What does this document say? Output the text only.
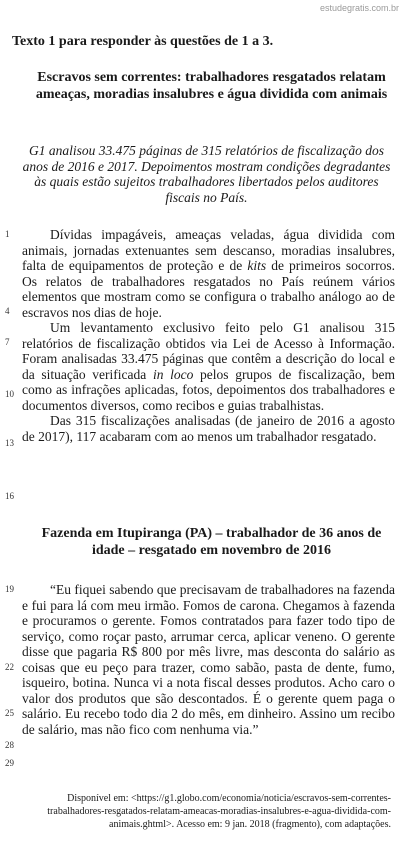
estudegratis.com.br
Texto 1 para responder às questões de 1 a 3.
Escravos sem correntes: trabalhadores resgatados relatam ameaças, moradias insalubres e água dividida com animais
G1 analisou 33.475 páginas de 315 relatórios de fiscalização dos anos de 2016 e 2017. Depoimentos mostram condições degradantes às quais estão sujeitos trabalhadores libertados pelos auditores fiscais no País.
1
4
7
10
13
16
19
22
25
28
29

Dívidas impagáveis, ameaças veladas, água dividida com animais, jornadas extenuantes sem descanso, moradias insalubres, falta de equipamentos de proteção e de kits de primeiros socorros. Os relatos de trabalhadores resgatados no País reúnem vários elementos que mostram como se configura o trabalho análogo ao de escravos nos dias de hoje.

Um levantamento exclusivo feito pelo G1 analisou 315 relatórios de fiscalização obtidos via Lei de Acesso à Informação. Foram analisadas 33.475 páginas que contêm a descrição do local e da situação verificada in loco pelos grupos de fiscalização, bem como as infrações aplicadas, fotos, depoimentos dos trabalhadores e documentos diversos, como recibos e guias trabalhistas.

Das 315 fiscalizações analisadas (de janeiro de 2016 a agosto de 2017), 117 acabaram com ao menos um trabalhador resgatado.

Fazenda em Itupiranga (PA) – trabalhador de 36 anos de idade – resgatado em novembro de 2016

“Eu fiquei sabendo que precisavam de trabalhadores na fazenda e fui para lá com meu irmão. Fomos de carona. Chegamos à fazenda e procuramos o gerente. Fomos contratados para fazer todo tipo de serviço, como roçar pasto, arrumar cerca, aplicar veneno. O gerente disse que pagaria R$ 800 por mês livre, mas desconta do salário as coisas que eu peço para trazer, como sabão, pasta de dente, fumo, isqueiro, botina. Nunca vi a nota fiscal desses produtos. Acho caro o valor dos produtos que são descontados. É o gerente quem paga o salário. Eu recebo todo dia 2 do mês, em dinheiro. Assino um recibo de salário, mas não fico com nenhuma via.”

Disponível em: <https://g1.globo.com/economia/noticia/escravos-sem-correntes-trabalhadores-resgatados-relatam-ameacas-moradias-insalubres-e-agua-dividida-com-animais.ghtml>. Acesso em: 9 jan. 2018 (fragmento), com adaptações.
